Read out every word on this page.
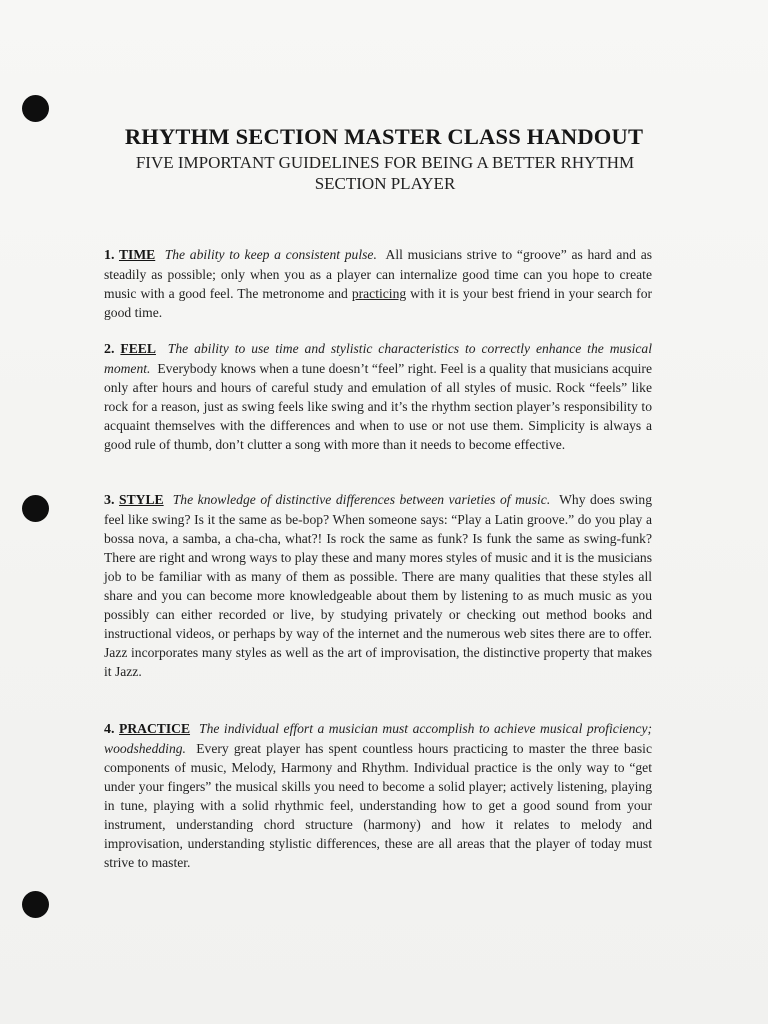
RHYTHM SECTION MASTER CLASS HANDOUT
FIVE IMPORTANT GUIDELINES FOR BEING A BETTER RHYTHM SECTION PLAYER

1. TIME The ability to keep a consistent pulse. All musicians strive to “groove” as hard and as steadily as possible; only when you as a player can internalize good time can you hope to create music with a good feel. The metronome and practicing with it is your best friend in your search for good time.

2. FEEL The ability to use time and stylistic characteristics to correctly enhance the musical moment. Everybody knows when a tune doesn’t “feel” right. Feel is a quality that musicians acquire only after hours and hours of careful study and emulation of all styles of music. Rock “feels” like rock for a reason, just as swing feels like swing and it’s the rhythm section player’s responsibility to acquaint themselves with the differences and when to use or not use them. Simplicity is always a good rule of thumb, don’t clutter a song with more than it needs to become effective.

3. STYLE The knowledge of distinctive differences between varieties of music. Why does swing feel like swing? Is it the same as be-bop? When someone says: “Play a Latin groove.” do you play a bossa nova, a samba, a cha-cha, what?! Is rock the same as funk? Is funk the same as swing-funk? There are right and wrong ways to play these and many mores styles of music and it is the musicians job to be familiar with as many of them as possible. There are many qualities that these styles all share and you can become more knowledgeable about them by listening to as much music as you possibly can either recorded or live, by studying privately or checking out method books and instructional videos, or perhaps by way of the internet and the numerous web sites there are to offer. Jazz incorporates many styles as well as the art of improvisation, the distinctive property that makes it Jazz.

4. PRACTICE The individual effort a musician must accomplish to achieve musical proficiency; woodshedding. Every great player has spent countless hours practicing to master the three basic components of music, Melody, Harmony and Rhythm. Individual practice is the only way to “get under your fingers” the musical skills you need to become a solid player; actively listening, playing in tune, playing with a solid rhythmic feel, understanding how to get a good sound from your instrument, understanding chord structure (harmony) and how it relates to melody and improvisation, understanding stylistic differences, these are all areas that the player of today must strive to master.
